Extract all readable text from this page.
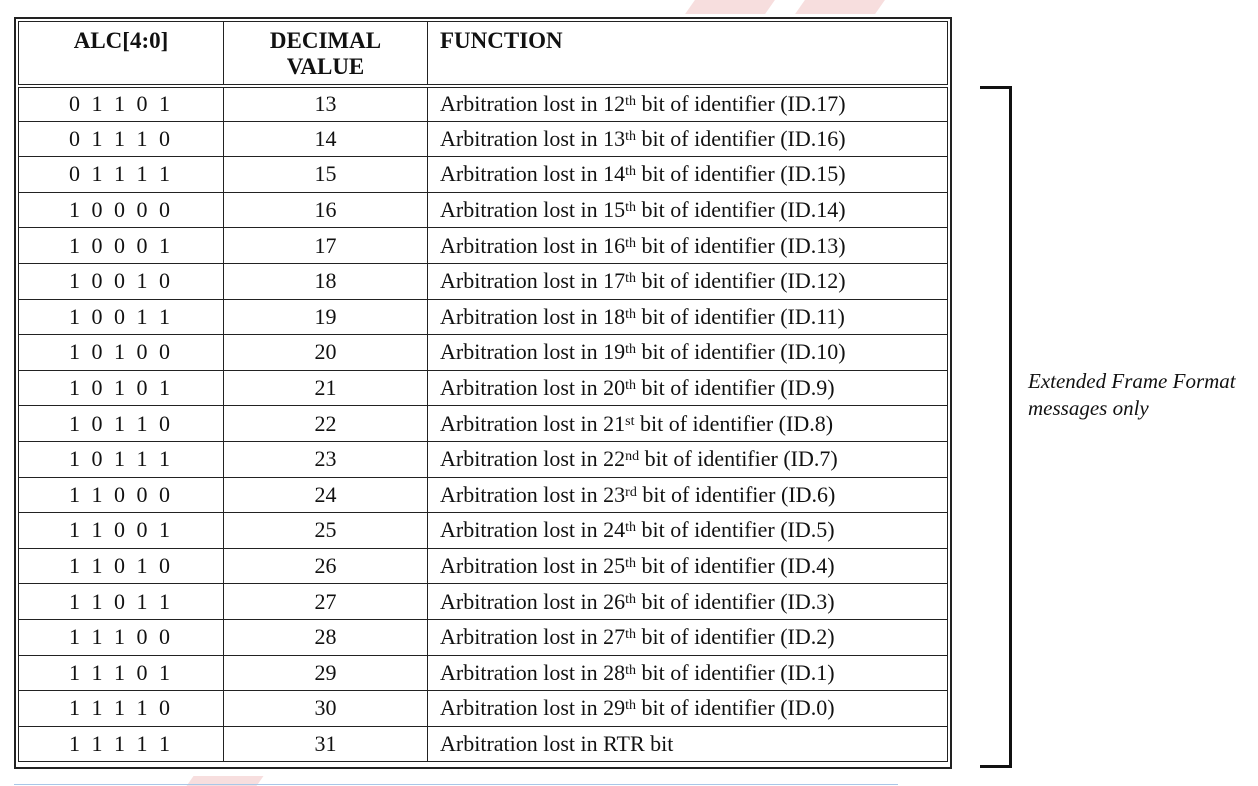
ALC[4:0]	DECIMAL VALUE	FUNCTION
0 1 1 0 1	13	Arbitration lost in 12th bit of identifier (ID.17)
0 1 1 1 0	14	Arbitration lost in 13th bit of identifier (ID.16)
0 1 1 1 1	15	Arbitration lost in 14th bit of identifier (ID.15)
1 0 0 0 0	16	Arbitration lost in 15th bit of identifier (ID.14)
1 0 0 0 1	17	Arbitration lost in 16th bit of identifier (ID.13)
1 0 0 1 0	18	Arbitration lost in 17th bit of identifier (ID.12)
1 0 0 1 1	19	Arbitration lost in 18th bit of identifier (ID.11)
1 0 1 0 0	20	Arbitration lost in 19th bit of identifier (ID.10)
1 0 1 0 1	21	Arbitration lost in 20th bit of identifier (ID.9)
1 0 1 1 0	22	Arbitration lost in 21st bit of identifier (ID.8)
1 0 1 1 1	23	Arbitration lost in 22nd bit of identifier (ID.7)
1 1 0 0 0	24	Arbitration lost in 23rd bit of identifier (ID.6)
1 1 0 0 1	25	Arbitration lost in 24th bit of identifier (ID.5)
1 1 0 1 0	26	Arbitration lost in 25th bit of identifier (ID.4)
1 1 0 1 1	27	Arbitration lost in 26th bit of identifier (ID.3)
1 1 1 0 0	28	Arbitration lost in 27th bit of identifier (ID.2)
1 1 1 0 1	29	Arbitration lost in 28th bit of identifier (ID.1)
1 1 1 1 0	30	Arbitration lost in 29th bit of identifier (ID.0)
1 1 1 1 1	31	Arbitration lost in RTR bit
Extended Frame Format
messages only
